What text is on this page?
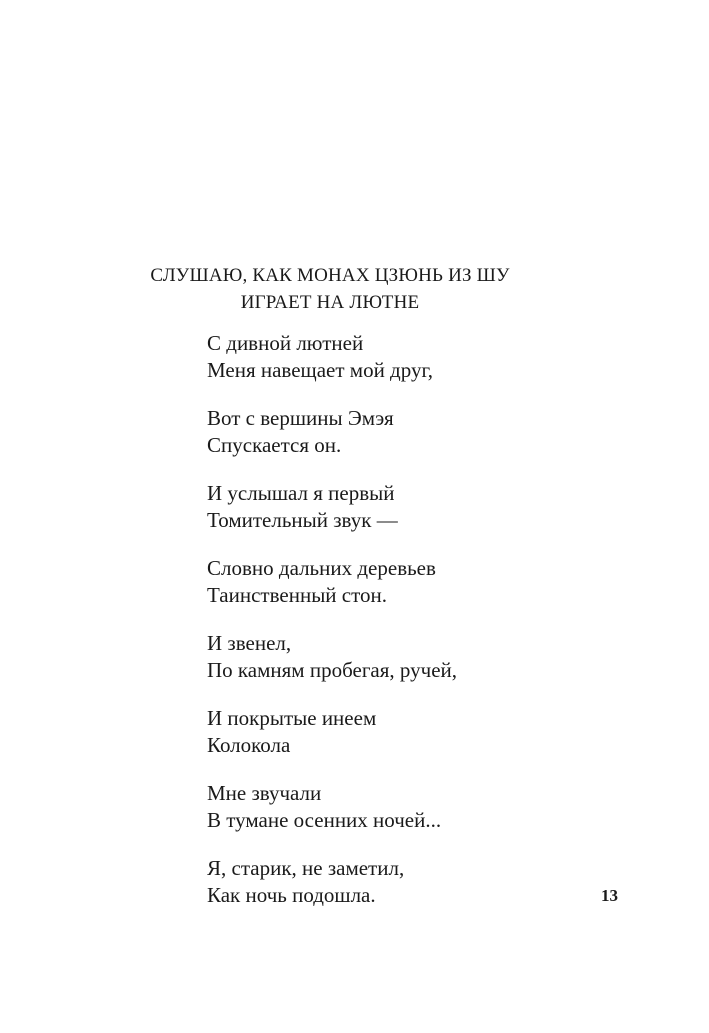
СЛУШАЮ, КАК МОНАХ ЦЗЮНЬ ИЗ ШУ
ИГРАЕТ НА ЛЮТНЕ
С дивной лютней
Меня навещает мой друг,
Вот с вершины Эмэя
Спускается он.
И услышал я первый
Томительный звук —
Словно дальних деревьев
Таинственный стон.
И звенел,
По камням пробегая, ручей,
И покрытые инеем
Колокола
Мне звучали
В тумане осенних ночей...
Я, старик, не заметил,
Как ночь подошла.	13
